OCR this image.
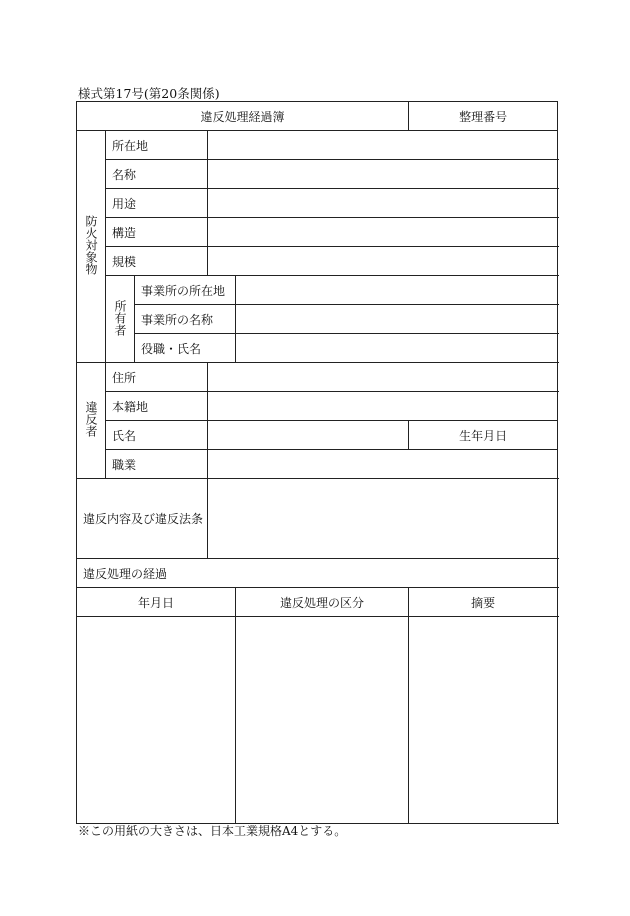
様式第17号(第20条関係)
違反処理経過簿					整理番号	
防火対象物	所在地					
	名称					
	用途					
	構造					
	規模					
	所有者	事業所の所在地				
		事業所の名称				
		役職・氏名				
違反者	住所					
	本籍地					
	氏名				生年月日	
	職業					
違反内容及び違反法条						
違反処理の経過						
年月日				違反処理の区分	摘要	

※この用紙の大きさは、日本工業規格A4とする。
